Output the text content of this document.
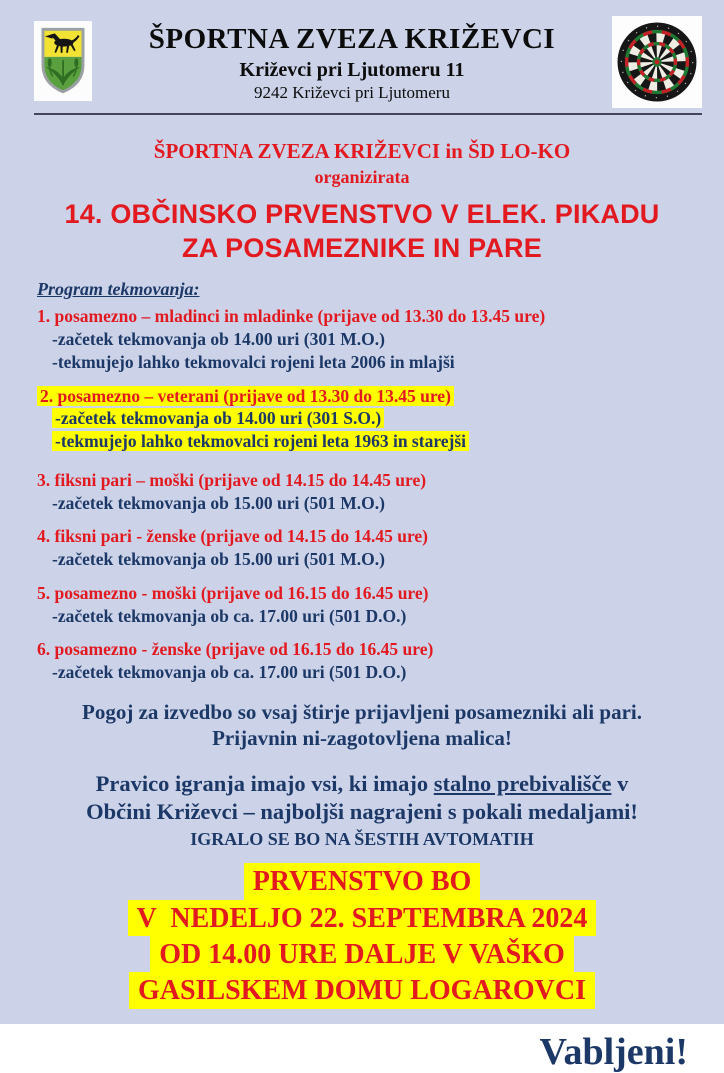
ŠPORTNA ZVEZA KRIŽEVCI
Križevci pri Ljutomeru 11
9242 Križevci pri Ljutomeru
ŠPORTNA ZVEZA KRIŽEVCI in ŠD LO-KO
organizirata
14. OBČINSKO PRVENSTVO V ELEK. PIKADU
ZA POSAMEZNIKE IN PARE
Program tekmovanja:
1. posamezno – mladinci in mladinke (prijave od 13.30 do 13.45 ure)
-začetek tekmovanja ob 14.00 uri (301 M.O.)
-tekmujejo lahko tekmovalci rojeni leta 2006 in mlajši
2. posamezno – veterani (prijave od 13.30 do 13.45 ure)
-začetek tekmovanja ob 14.00 uri (301 S.O.)
-tekmujejo lahko tekmovalci rojeni leta 1963 in starejši
3. fiksni pari – moški (prijave od 14.15 do 14.45 ure)
-začetek tekmovanja ob 15.00 uri (501 M.O.)
4. fiksni pari - ženske (prijave od 14.15 do 14.45 ure)
-začetek tekmovanja ob 15.00 uri (501 M.O.)
5. posamezno - moški (prijave od 16.15 do 16.45 ure)
-začetek tekmovanja ob ca. 17.00 uri (501 D.O.)
6. posamezno - ženske (prijave od 16.15 do 16.45 ure)
-začetek tekmovanja ob ca. 17.00 uri (501 D.O.)
Pogoj za izvedbo so vsaj štirje prijavljeni posamezniki ali pari.
Prijavnin ni-zagotovljena malica!
Pravico igranja imajo vsi, ki imajo stalno prebivališče v
Občini Križevci – najboljši nagrajeni s pokali medaljami!
IGRALO SE BO NA ŠESTIH AVTOMATIH
PRVENSTVO BO
V  NEDELJO 22. SEPTEMBRA 2024
OD 14.00 URE DALJE V VAŠKO
GASILSKEM DOMU LOGAROVCI
Vabljeni!
